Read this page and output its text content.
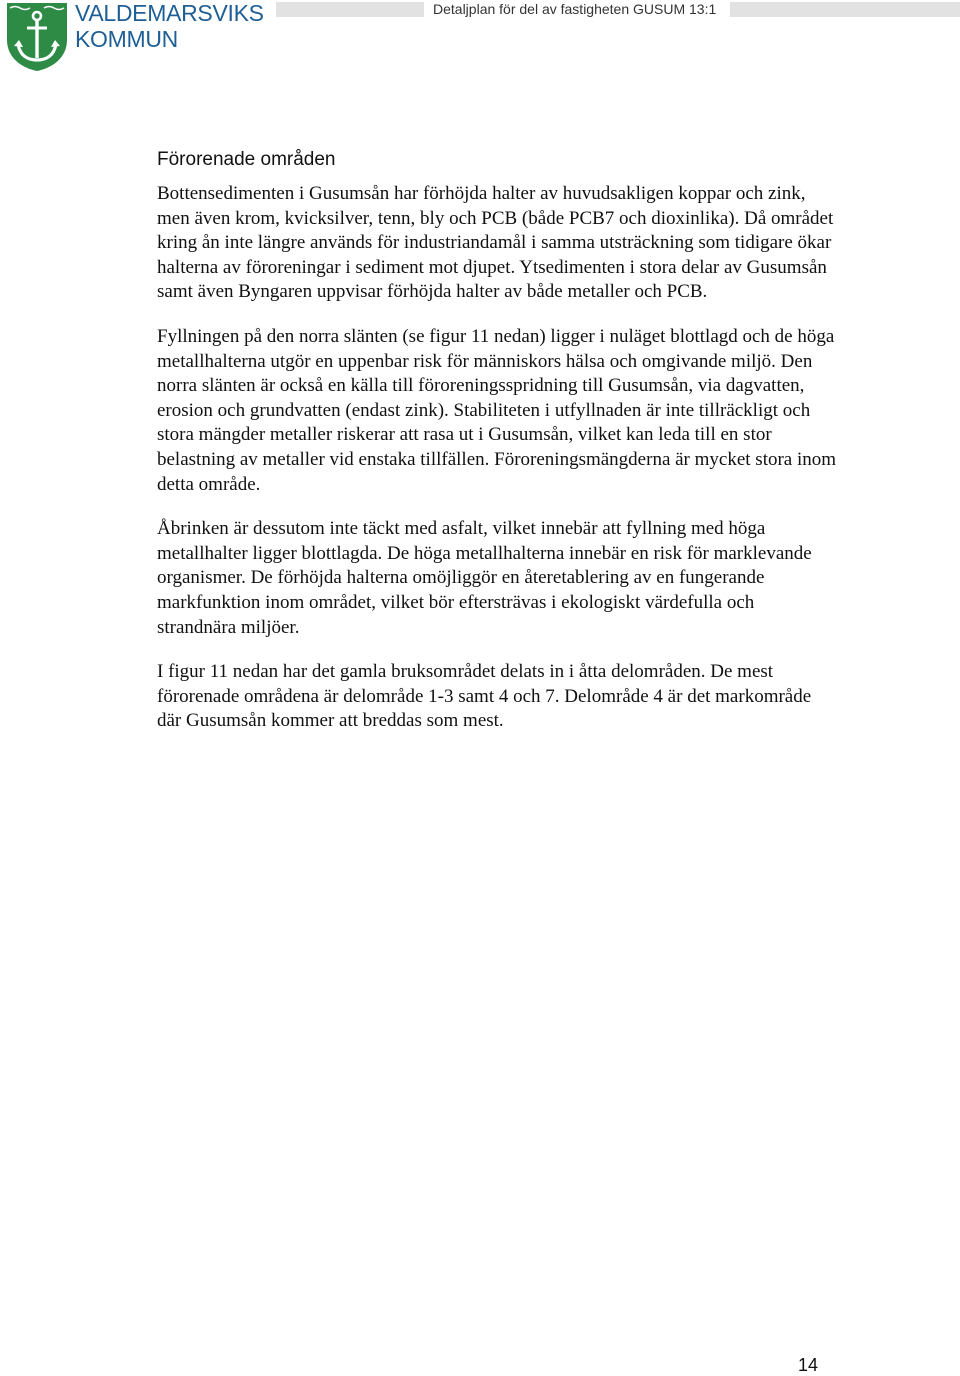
VALDEMARSVIKS
KOMMUN
Detaljplan för del av fastigheten GUSUM 13:1
Förorenade områden

Bottensedimenten i Gusumsån har förhöjda halter av huvudsakligen koppar och zink, men även krom, kvicksilver, tenn, bly och PCB (både PCB7 och dioxinlika). Då området kring ån inte längre används för industriandamål i samma utsträckning som tidigare ökar halterna av föroreningar i sediment mot djupet. Ytsedimenten i stora delar av Gusumsån samt även Byngaren uppvisar förhöjda halter av både metaller och PCB.

Fyllningen på den norra slänten (se figur 11 nedan) ligger i nuläget blottlagd och de höga metallhalterna utgör en uppenbar risk för människors hälsa och omgivande miljö. Den norra slänten är också en källa till föroreningsspridning till Gusumsån, via dagvatten, erosion och grundvatten (endast zink). Stabiliteten i utfyllnaden är inte tillräckligt och stora mängder metaller riskerar att rasa ut i Gusumsån, vilket kan leda till en stor belastning av metaller vid enstaka tillfällen. Föroreningsmängderna är mycket stora inom detta område.

Åbrinken är dessutom inte täckt med asfalt, vilket innebär att fyllning med höga metallhalter ligger blottlagda. De höga metallhalterna innebär en risk för marklevande organismer. De förhöjda halterna omöjliggör en återetablering av en fungerande markfunktion inom området, vilket bör eftersträvas i ekologiskt värdefulla och strandnära miljöer.

I figur 11 nedan har det gamla bruksområdet delats in i åtta delområden. De mest förorenade områdena är delområde 1-3 samt 4 och 7. Delområde 4 är det markområde där Gusumsån kommer att breddas som mest.

14
